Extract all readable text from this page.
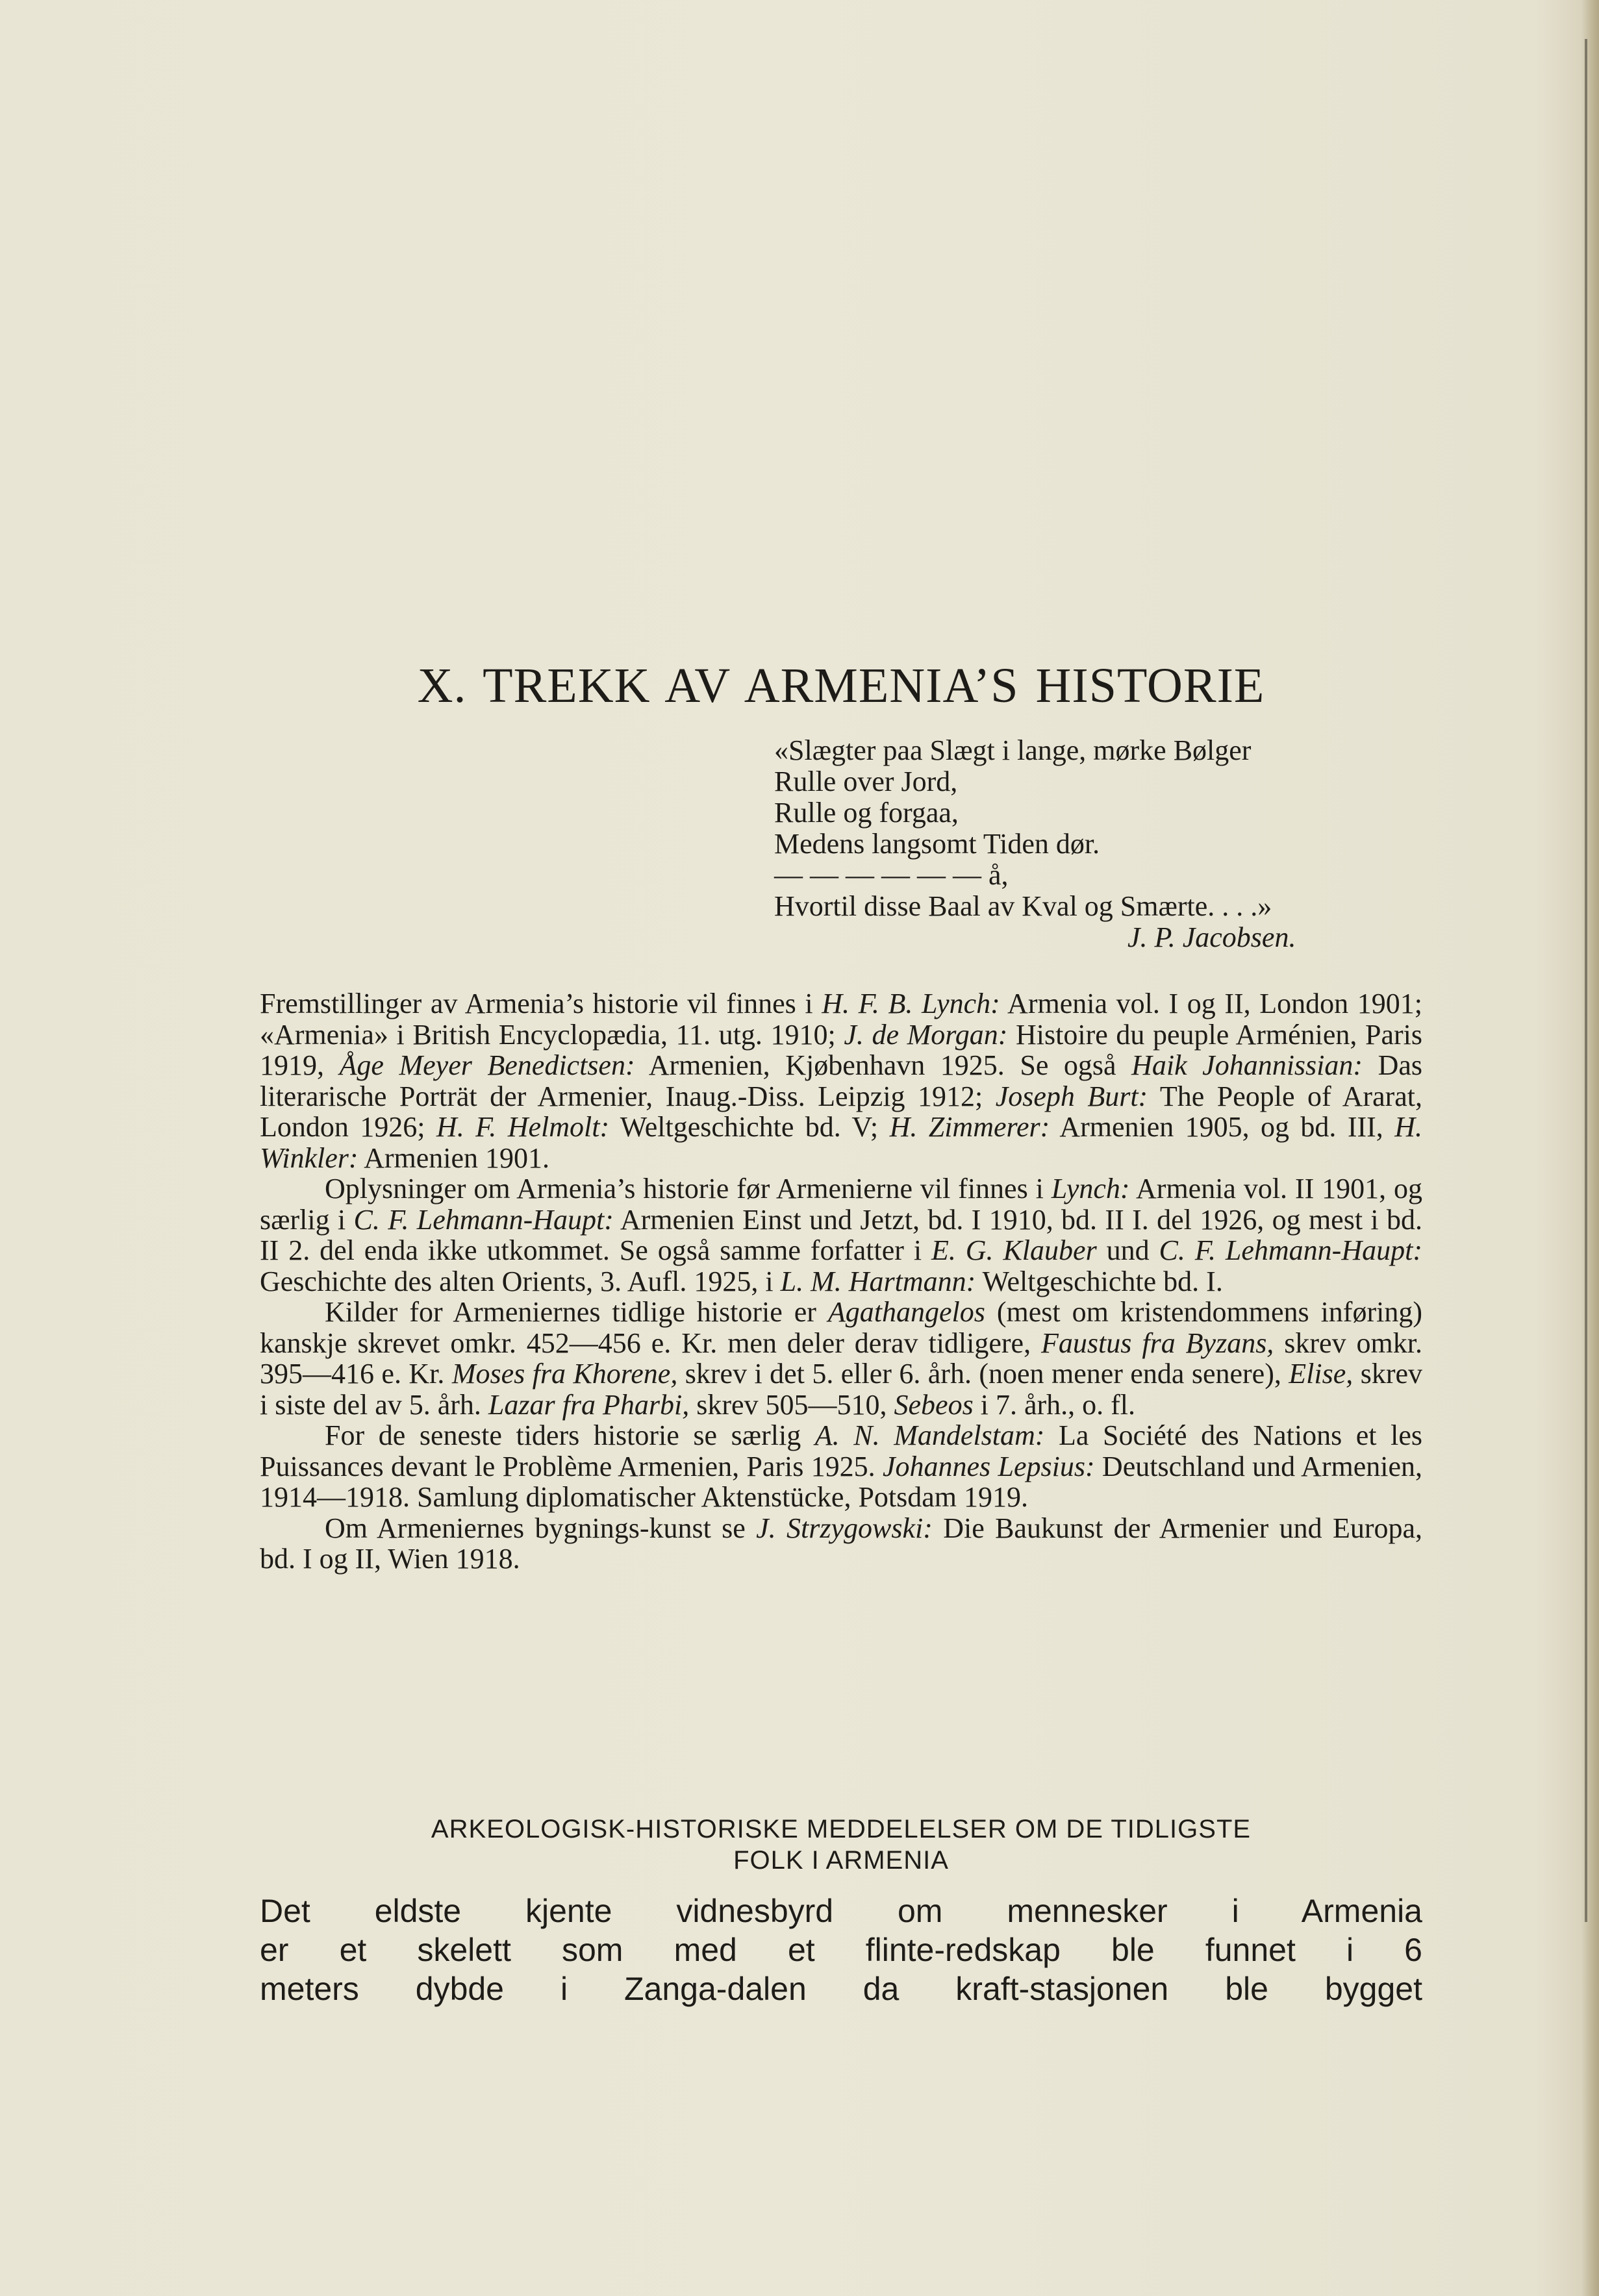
X. TREKK AV ARMENIA’S HISTORIE
«Slægter paa Slægt i lange, mørke Bølger
Rulle over Jord,
Rulle og forgaa,
Medens langsomt Tiden dør.
— — — — — — å,
Hvortil disse Baal av Kval og Smærte. . . .»
J. P. Jacobsen.

Fremstillinger av Armenia’s historie vil finnes i H. F. B. Lynch: Armenia vol. I og II, London 1901; «Armenia» i British Encyclopædia, 11. utg. 1910; J. de Morgan: Histoire du peuple Arménien, Paris 1919, Åge Meyer Benedictsen: Armenien, Kjøbenhavn 1925. Se også Haik Johannissian: Das literarische Porträt der Armenier, Inaug.-Diss. Leipzig 1912; Joseph Burt: The People of Ararat, London 1926; H. F. Helmolt: Weltgeschichte bd. V; H. Zimmerer: Armenien 1905, og bd. III, H. Winkler: Armenien 1901.

Oplysninger om Armenia’s historie før Armenierne vil finnes i Lynch: Armenia vol. II 1901, og særlig i C. F. Lehmann-Haupt: Armenien Einst und Jetzt, bd. I 1910, bd. II I. del 1926, og mest i bd. II 2. del enda ikke utkommet. Se også samme forfatter i E. G. Klauber und C. F. Lehmann-Haupt: Geschichte des alten Orients, 3. Aufl. 1925, i L. M. Hartmann: Weltgeschichte bd. I.

Kilder for Armeniernes tidlige historie er Agathangelos (mest om kristendommens inføring) kanskje skrevet omkr. 452—456 e. Kr. men deler derav tidligere, Faustus fra Byzans, skrev omkr. 395—416 e. Kr. Moses fra Khorene, skrev i det 5. eller 6. årh. (noen mener enda senere), Elise, skrev i siste del av 5. årh. Lazar fra Pharbi, skrev 505—510, Sebeos i 7. årh., o. fl.

For de seneste tiders historie se særlig A. N. Mandelstam: La Société des Nations et les Puissances devant le Problème Armenien, Paris 1925. Johannes Lepsius: Deutschland und Armenien, 1914—1918. Samlung diplomatischer Aktenstücke, Potsdam 1919.

Om Armeniernes bygnings-kunst se J. Strzygowski: Die Baukunst der Armenier und Europa, bd. I og II, Wien 1918.

ARKEOLOGISK-HISTORISKE MEDDELELSER OM DE TIDLIGSTE
FOLK I ARMENIA
Det eldste kjente vidnesbyrd om mennesker i Armenia
er et skelett som med et flinte-redskap ble funnet i 6
meters dybde i Zanga-dalen da kraft-stasjonen ble bygget
